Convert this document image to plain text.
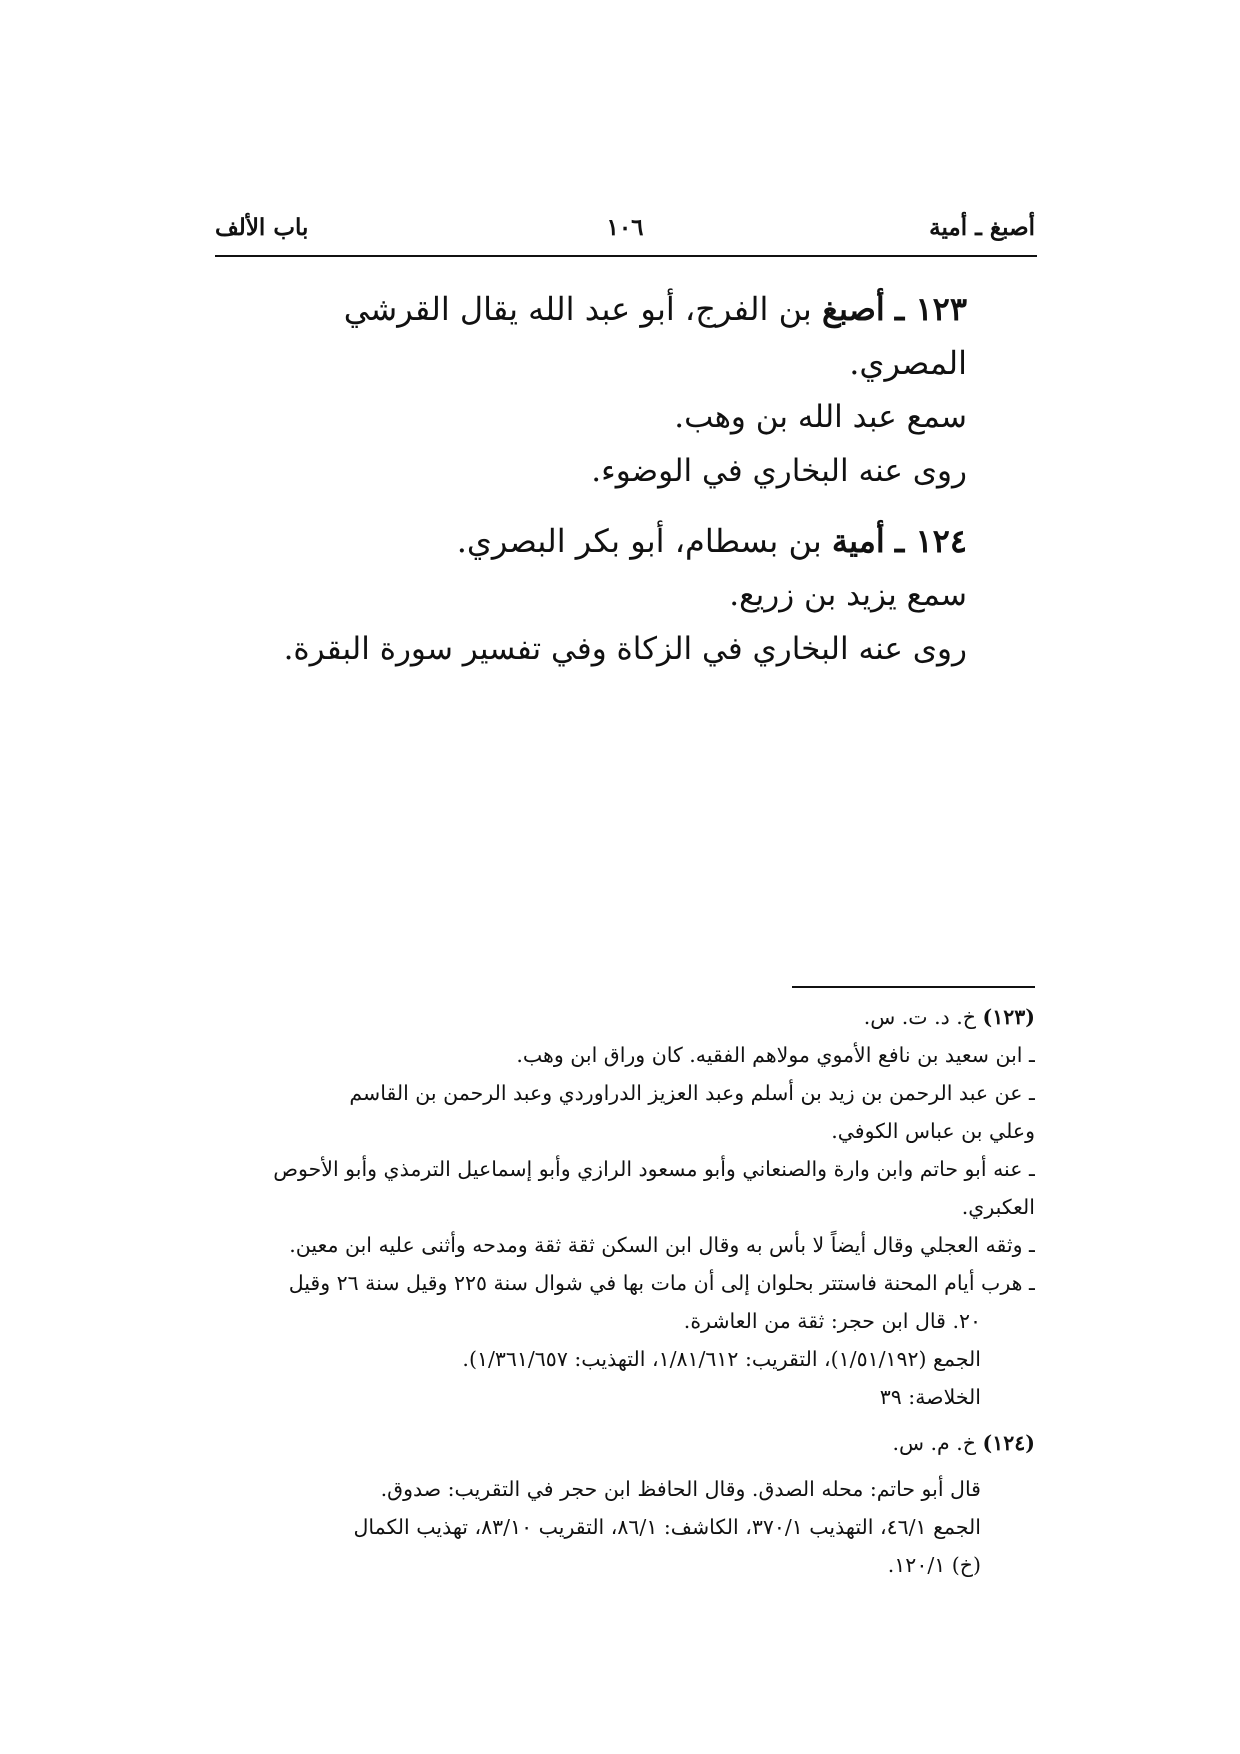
أصبغ ـ أمية
١٠٦
باب الألف
١٢٣ ـ أصبغ بن الفرج، أبو عبد الله يقال القرشي المصري.
سمع عبد الله بن وهب.
روى عنه البخاري في الوضوء.
١٢٤ ـ أمية بن بسطام، أبو بكر البصري.
سمع يزيد بن زريع.
روى عنه البخاري في الزكاة وفي تفسير سورة البقرة.
(١٢٣) خ. د. ت. س.
ـ ابن سعيد بن نافع الأموي مولاهم الفقيه. كان وراق ابن وهب.
ـ عن عبد الرحمن بن زيد بن أسلم وعبد العزيز الدراوردي وعبد الرحمن بن القاسم
وعلي بن عباس الكوفي.
ـ عنه أبو حاتم وابن وارة والصنعاني وأبو مسعود الرازي وأبو إسماعيل الترمذي وأبو الأحوص
العكبري.
ـ وثقه العجلي وقال أيضاً لا بأس به وقال ابن السكن ثقة ثقة ومدحه وأثنى عليه ابن معين.
ـ هرب أيام المحنة فاستتر بحلوان إلى أن مات بها في شوال سنة ٢٢٥ وقيل سنة ٢٦ وقيل
٢٠. قال ابن حجر: ثقة من العاشرة.
الجمع (١/٥١/١٩٢)، التقريب: ١/٨١/٦١٢، التهذيب: ١/٣٦١/٦٥٧).
الخلاصة: ٣٩
(١٢٤) خ. م. س.
قال أبو حاتم: محله الصدق. وقال الحافظ ابن حجر في التقريب: صدوق.
الجمع ٤٦/١، التهذيب ٣٧٠/١، الكاشف: ٨٦/١، التقريب ٨٣/١٠، تهذيب الكمال
(خ) ١٢٠/١.
